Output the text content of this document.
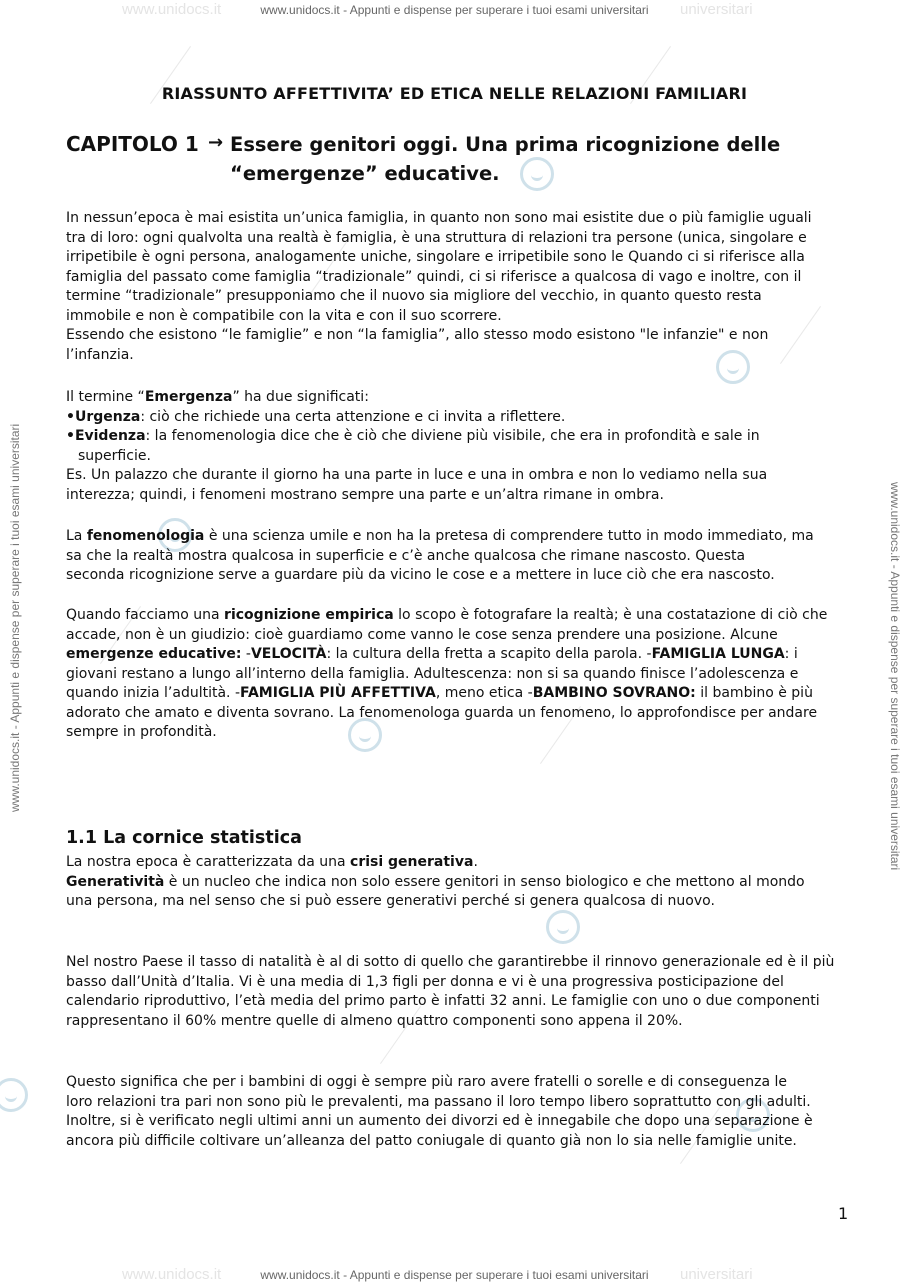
www.unidocs.it	www.unidocs.it - Appunti e dispense per superare i tuoi esami universitari universitari
www.unidocs.it - Appunti e dispense per superare i tuoi esami universitari	www.unidocs.it - Appunti e dispense per superare i tuoi esami universitari
www.unidocs.it	www.unidocs.it - Appunti e dispense per superare i tuoi esami universitari universitari
RIASSUNTO AFFETTIVITA’ ED ETICA NELLE RELAZIONI FAMILIARI
CAPITOLO 1 → Essere genitori oggi. Una prima ricognizione delle
“emergenze” educative.
In nessun’epoca è mai esistita un’unica famiglia, in quanto non sono mai esistite due o più famiglie uguali
tra di loro: ogni qualvolta una realtà è famiglia, è una struttura di relazioni tra persone (unica, singolare e
irripetibile è ogni persona, analogamente uniche, singolare e irripetibile sono le Quando ci si riferisce alla
famiglia del passato come famiglia “tradizionale” quindi, ci si riferisce a qualcosa di vago e inoltre, con il
termine “tradizionale” presupponiamo che il nuovo sia migliore del vecchio, in quanto questo resta
immobile e non è compatibile con la vita e con il suo scorrere.
Essendo che esistono “le famiglie” e non “la famiglia”, allo stesso modo esistono "le infanzie" e non
l’infanzia.
Il termine “Emergenza” ha due significati:
•Urgenza: ciò che richiede una certa attenzione e ci invita a riflettere.
•Evidenza: la fenomenologia dice che è ciò che diviene più visibile, che era in profondità e sale in
superficie.
Es. Un palazzo che durante il giorno ha una parte in luce e una in ombra e non lo vediamo nella sua
interezza; quindi, i fenomeni mostrano sempre una parte e un’altra rimane in ombra.
La fenomenologia è una scienza umile e non ha la pretesa di comprendere tutto in modo immediato, ma
sa che la realtà mostra qualcosa in superficie e c’è anche qualcosa che rimane nascosto. Questa
seconda ricognizione serve a guardare più da vicino le cose e a mettere in luce ciò che era nascosto.
Quando facciamo una ricognizione empirica lo scopo è fotografare la realtà; è una costatazione di ciò che
accade, non è un giudizio: cioè guardiamo come vanno le cose senza prendere una posizione. Alcune
emergenze educative: -VELOCITÀ: la cultura della fretta a scapito della parola. -FAMIGLIA LUNGA: i
giovani restano a lungo all’interno della famiglia. Adultescenza: non si sa quando finisce l’adolescenza e
quando inizia l’adultità. -FAMIGLIA PIÙ AFFETTIVA, meno etica -BAMBINO SOVRANO: il bambino è più
adorato che amato e diventa sovrano. La fenomenologa guarda un fenomeno, lo approfondisce per andare
sempre in profondità.
1.1 La cornice statistica
La nostra epoca è caratterizzata da una crisi generativa.
Generatività è un nucleo che indica non solo essere genitori in senso biologico e che mettono al mondo
una persona, ma nel senso che si può essere generativi perché si genera qualcosa di nuovo.
Nel nostro Paese il tasso di natalità è al di sotto di quello che garantirebbe il rinnovo generazionale ed è il più
basso dall’Unità d’Italia. Vi è una media di 1,3 figli per donna e vi è una progressiva posticipazione del
calendario riproduttivo, l’età media del primo parto è infatti 32 anni. Le famiglie con uno o due componenti
rappresentano il 60% mentre quelle di almeno quattro componenti sono appena il 20%.
Questo significa che per i bambini di oggi è sempre più raro avere fratelli o sorelle e di conseguenza le
loro relazioni tra pari non sono più le prevalenti, ma passano il loro tempo libero soprattutto con gli adulti.
Inoltre, si è verificato negli ultimi anni un aumento dei divorzi ed è innegabile che dopo una separazione è
ancora più difficile coltivare un’alleanza del patto coniugale di quanto già non lo sia nelle famiglie unite.
1
